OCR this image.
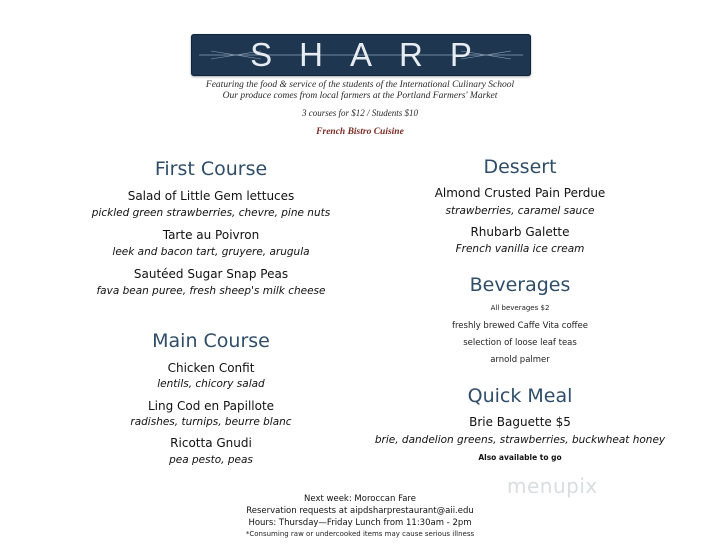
SHARP
Featuring the food & service of the students of the International Culinary School
Our produce comes from local farmers at the Portland Farmers' Market
3 courses for $12 / Students $10
French Bistro Cuisine
First Course
Salad of Little Gem lettuces
pickled green strawberries, chevre, pine nuts
Tarte au Poivron
leek and bacon tart, gruyere, arugula
Sautéed Sugar Snap Peas
fava bean puree, fresh sheep's milk cheese
Main Course
Chicken Confit
lentils, chicory salad
Ling Cod en Papillote
radishes, turnips, beurre blanc
Ricotta Gnudi
pea pesto, peas
Dessert
Almond Crusted Pain Perdue
strawberries, caramel sauce
Rhubarb Galette
French vanilla ice cream
Beverages
All beverages $2
freshly brewed Caffe Vita coffee
selection of loose leaf teas
arnold palmer
Quick Meal
Brie Baguette $5
brie, dandelion greens, strawberries, buckwheat honey
Also available to go
Next week: Moroccan Fare
Reservation requests at aipdsharprestaurant@aii.edu
Hours: Thursday—Friday Lunch from 11:30am - 2pm
*Consuming raw or undercooked items may cause serious illness
menupix
